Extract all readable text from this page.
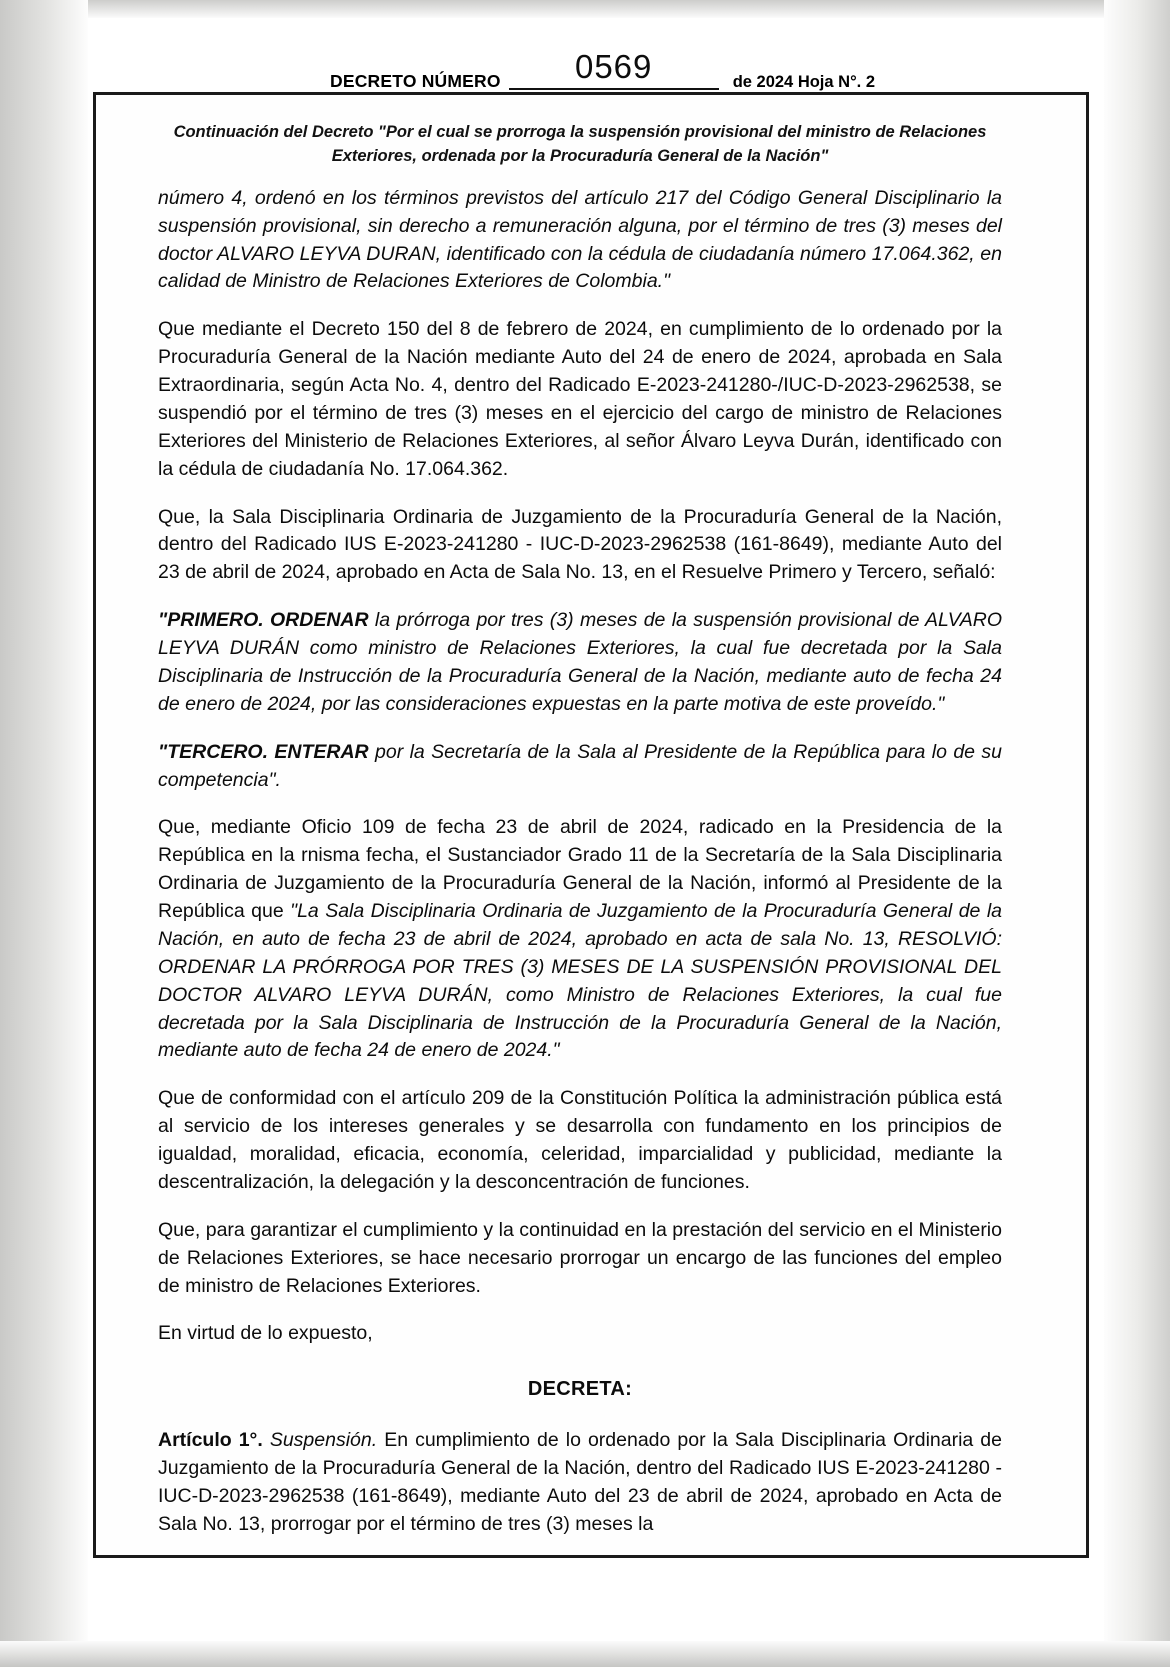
DECRETO NÚMERO	0569	de 2024 Hoja N°. 2
Continuación del Decreto "Por el cual se prorroga la suspensión provisional del ministro de Relaciones Exteriores, ordenada por la Procuraduría General de la Nación"

número 4, ordenó en los términos previstos del artículo 217 del Código General Disciplinario la suspensión provisional, sin derecho a remuneración alguna, por el término de tres (3) meses del doctor ALVARO LEYVA DURAN, identificado con la cédula de ciudadanía número 17.064.362, en calidad de Ministro de Relaciones Exteriores de Colombia."

Que mediante el Decreto 150 del 8 de febrero de 2024, en cumplimiento de lo ordenado por la Procuraduría General de la Nación mediante Auto del 24 de enero de 2024, aprobada en Sala Extraordinaria, según Acta No. 4, dentro del Radicado E-2023-241280-/IUC-D-2023-2962538, se suspendió por el término de tres (3) meses en el ejercicio del cargo de ministro de Relaciones Exteriores del Ministerio de Relaciones Exteriores, al señor Álvaro Leyva Durán, identificado con la cédula de ciudadanía No. 17.064.362.

Que, la Sala Disciplinaria Ordinaria de Juzgamiento de la Procuraduría General de la Nación, dentro del Radicado IUS E-2023-241280 - IUC-D-2023-2962538 (161-8649), mediante Auto del 23 de abril de 2024, aprobado en Acta de Sala No. 13, en el Resuelve Primero y Tercero, señaló:

"PRIMERO. ORDENAR la prórroga por tres (3) meses de la suspensión provisional de ALVARO LEYVA DURÁN como ministro de Relaciones Exteriores, la cual fue decretada por la Sala Disciplinaria de Instrucción de la Procuraduría General de la Nación, mediante auto de fecha 24 de enero de 2024, por las consideraciones expuestas en la parte motiva de este proveído."

"TERCERO. ENTERAR por la Secretaría de la Sala al Presidente de la República para lo de su competencia".

Que, mediante Oficio 109 de fecha 23 de abril de 2024, radicado en la Presidencia de la República en la rnisma fecha, el Sustanciador Grado 11 de la Secretaría de la Sala Disciplinaria Ordinaria de Juzgamiento de la Procuraduría General de la Nación, informó al Presidente de la República que "La Sala Disciplinaria Ordinaria de Juzgamiento de la Procuraduría General de la Nación, en auto de fecha 23 de abril de 2024, aprobado en acta de sala No. 13, RESOLVIÓ: ORDENAR LA PRÓRROGA POR TRES (3) MESES DE LA SUSPENSIÓN PROVISIONAL DEL DOCTOR ALVARO LEYVA DURÁN, como Ministro de Relaciones Exteriores, la cual fue decretada por la Sala Disciplinaria de Instrucción de la Procuraduría General de la Nación, mediante auto de fecha 24 de enero de 2024."

Que de conformidad con el artículo 209 de la Constitución Política la administración pública está al servicio de los intereses generales y se desarrolla con fundamento en los principios de igualdad, moralidad, eficacia, economía, celeridad, imparcialidad y publicidad, mediante la descentralización, la delegación y la desconcentración de funciones.

Que, para garantizar el cumplimiento y la continuidad en la prestación del servicio en el Ministerio de Relaciones Exteriores, se hace necesario prorrogar un encargo de las funciones del empleo de ministro de Relaciones Exteriores.

En virtud de lo expuesto,

DECRETA:

Artículo 1°. Suspensión. En cumplimiento de lo ordenado por la Sala Disciplinaria Ordinaria de Juzgamiento de la Procuraduría General de la Nación, dentro del Radicado IUS E-2023-241280 - IUC-D-2023-2962538 (161-8649), mediante Auto del 23 de abril de 2024, aprobado en Acta de Sala No. 13, prorrogar por el término de tres (3) meses la
